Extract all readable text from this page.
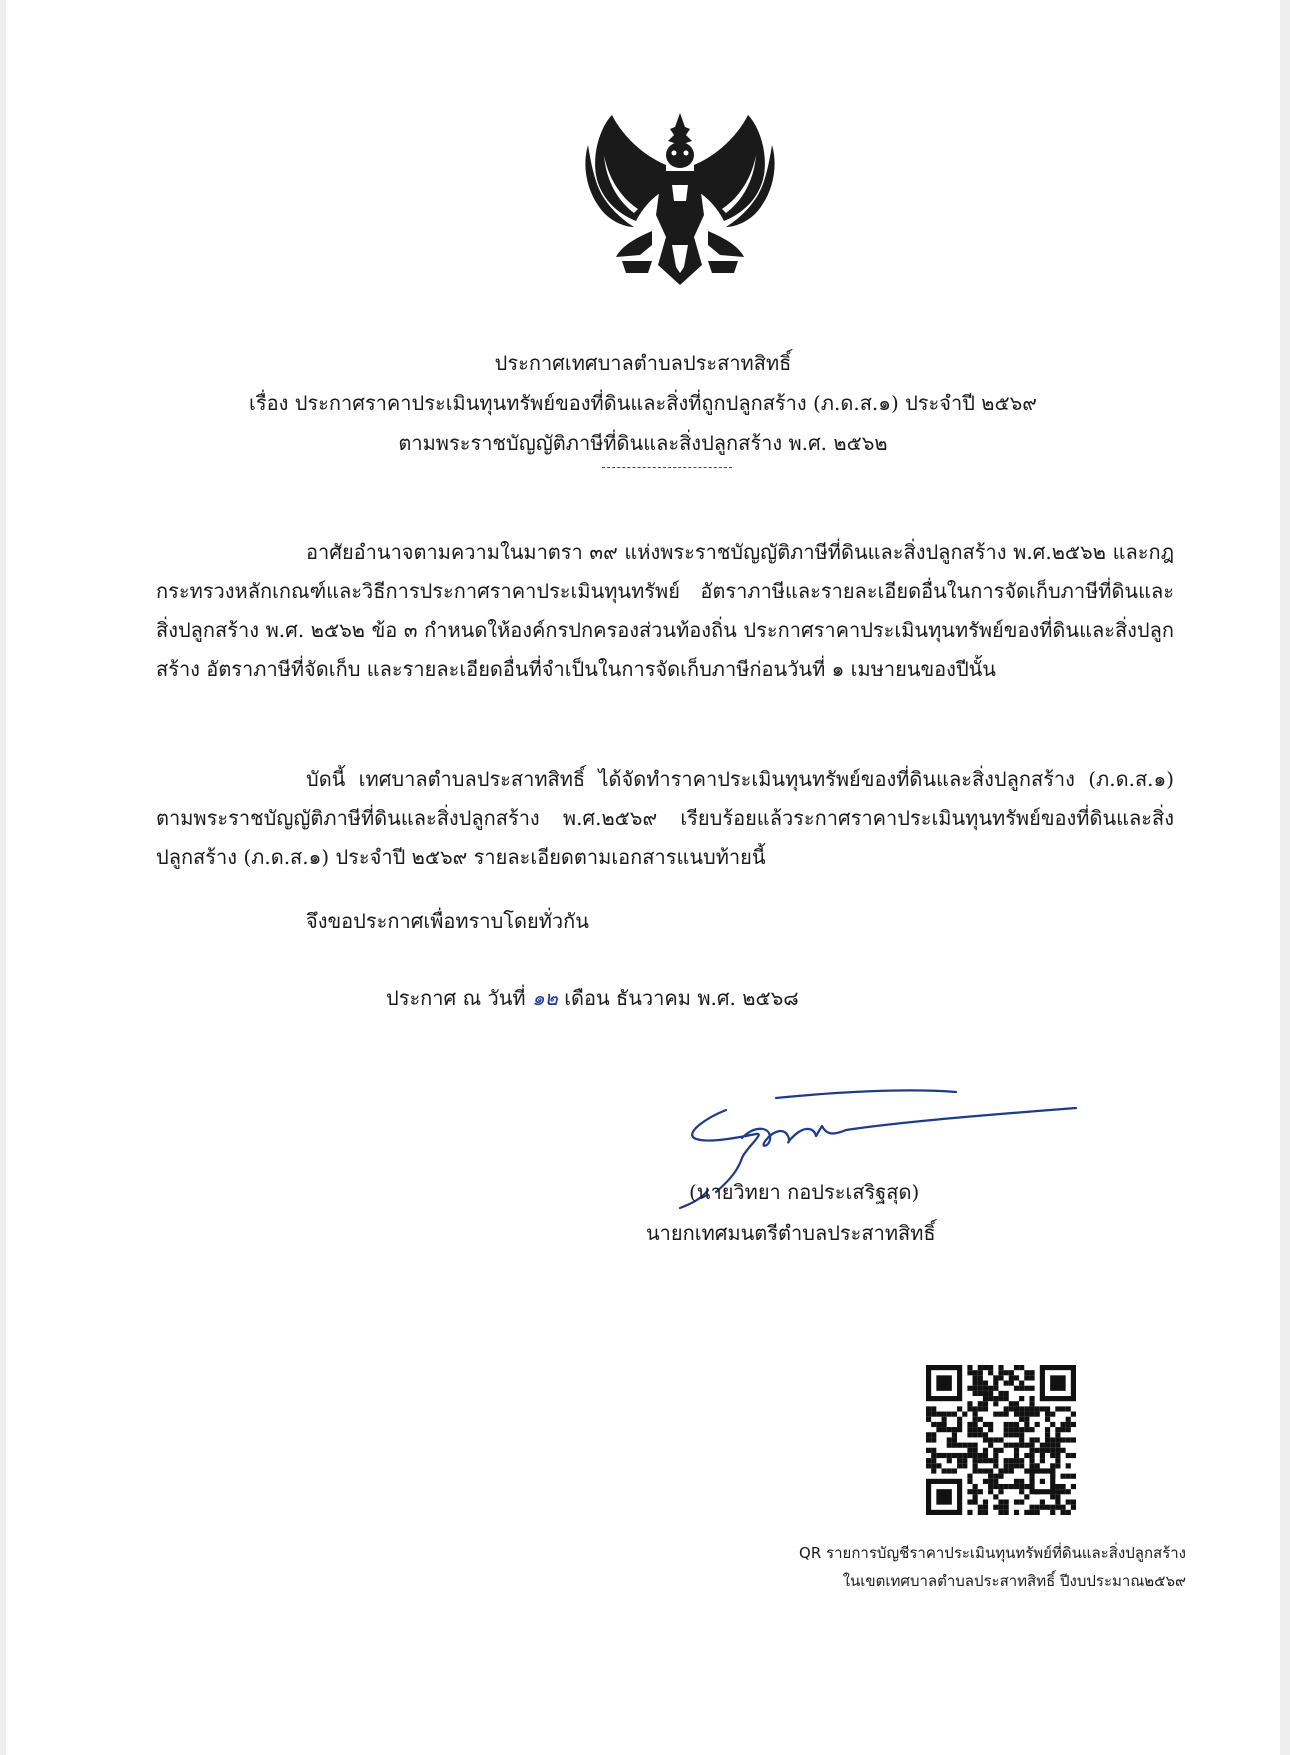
ประกาศเทศบาลตำบลประสาทสิทธิ์
เรื่อง ประกาศราคาประเมินทุนทรัพย์ของที่ดินและสิ่งที่ถูกปลูกสร้าง (ภ.ด.ส.๑) ประจำปี ๒๕๖๙
ตามพระราชบัญญัติภาษีที่ดินและสิ่งปลูกสร้าง พ.ศ. ๒๕๖๒
อาศัยอำนาจตามความในมาตรา ๓๙ แห่งพระราชบัญญัติภาษีที่ดินและสิ่งปลูกสร้าง พ.ศ.๒๕๖๒ และกฎกระทรวงหลักเกณฑ์และวิธีการประกาศราคาประเมินทุนทรัพย์ อัตราภาษีและรายละเอียดอื่นในการจัดเก็บภาษีที่ดินและสิ่งปลูกสร้าง พ.ศ. ๒๕๖๒ ข้อ ๓ กำหนดให้องค์กรปกครองส่วนท้องถิ่น ประกาศราคาประเมินทุนทรัพย์ของที่ดินและสิ่งปลูกสร้าง อัตราภาษีที่จัดเก็บ และรายละเอียดอื่นที่จำเป็นในการจัดเก็บภาษีก่อนวันที่ ๑ เมษายนของปีนั้น
บัดนี้ เทศบาลตำบลประสาทสิทธิ์ ได้จัดทำราคาประเมินทุนทรัพย์ของที่ดินและสิ่งปลูกสร้าง (ภ.ด.ส.๑) ตามพระราชบัญญัติภาษีที่ดินและสิ่งปลูกสร้าง พ.ศ.๒๕๖๙ เรียบร้อยแล้วระกาศราคาประเมินทุนทรัพย์ของที่ดินและสิ่งปลูกสร้าง (ภ.ด.ส.๑) ประจำปี ๒๕๖๙ รายละเอียดตามเอกสารแนบท้ายนี้
จึงขอประกาศเพื่อทราบโดยทั่วกัน
ประกาศ ณ วันที่ ๑๒ เดือน ธันวาคม พ.ศ. ๒๕๖๘
(นายวิทยา กอประเสริฐสุด)
นายกเทศมนตรีตำบลประสาทสิทธิ์
QR รายการบัญชีราคาประเมินทุนทรัพย์ที่ดินและสิ่งปลูกสร้าง
ในเขตเทศบาลตำบลประสาทสิทธิ์ ปีงบประมาณ๒๕๖๙
